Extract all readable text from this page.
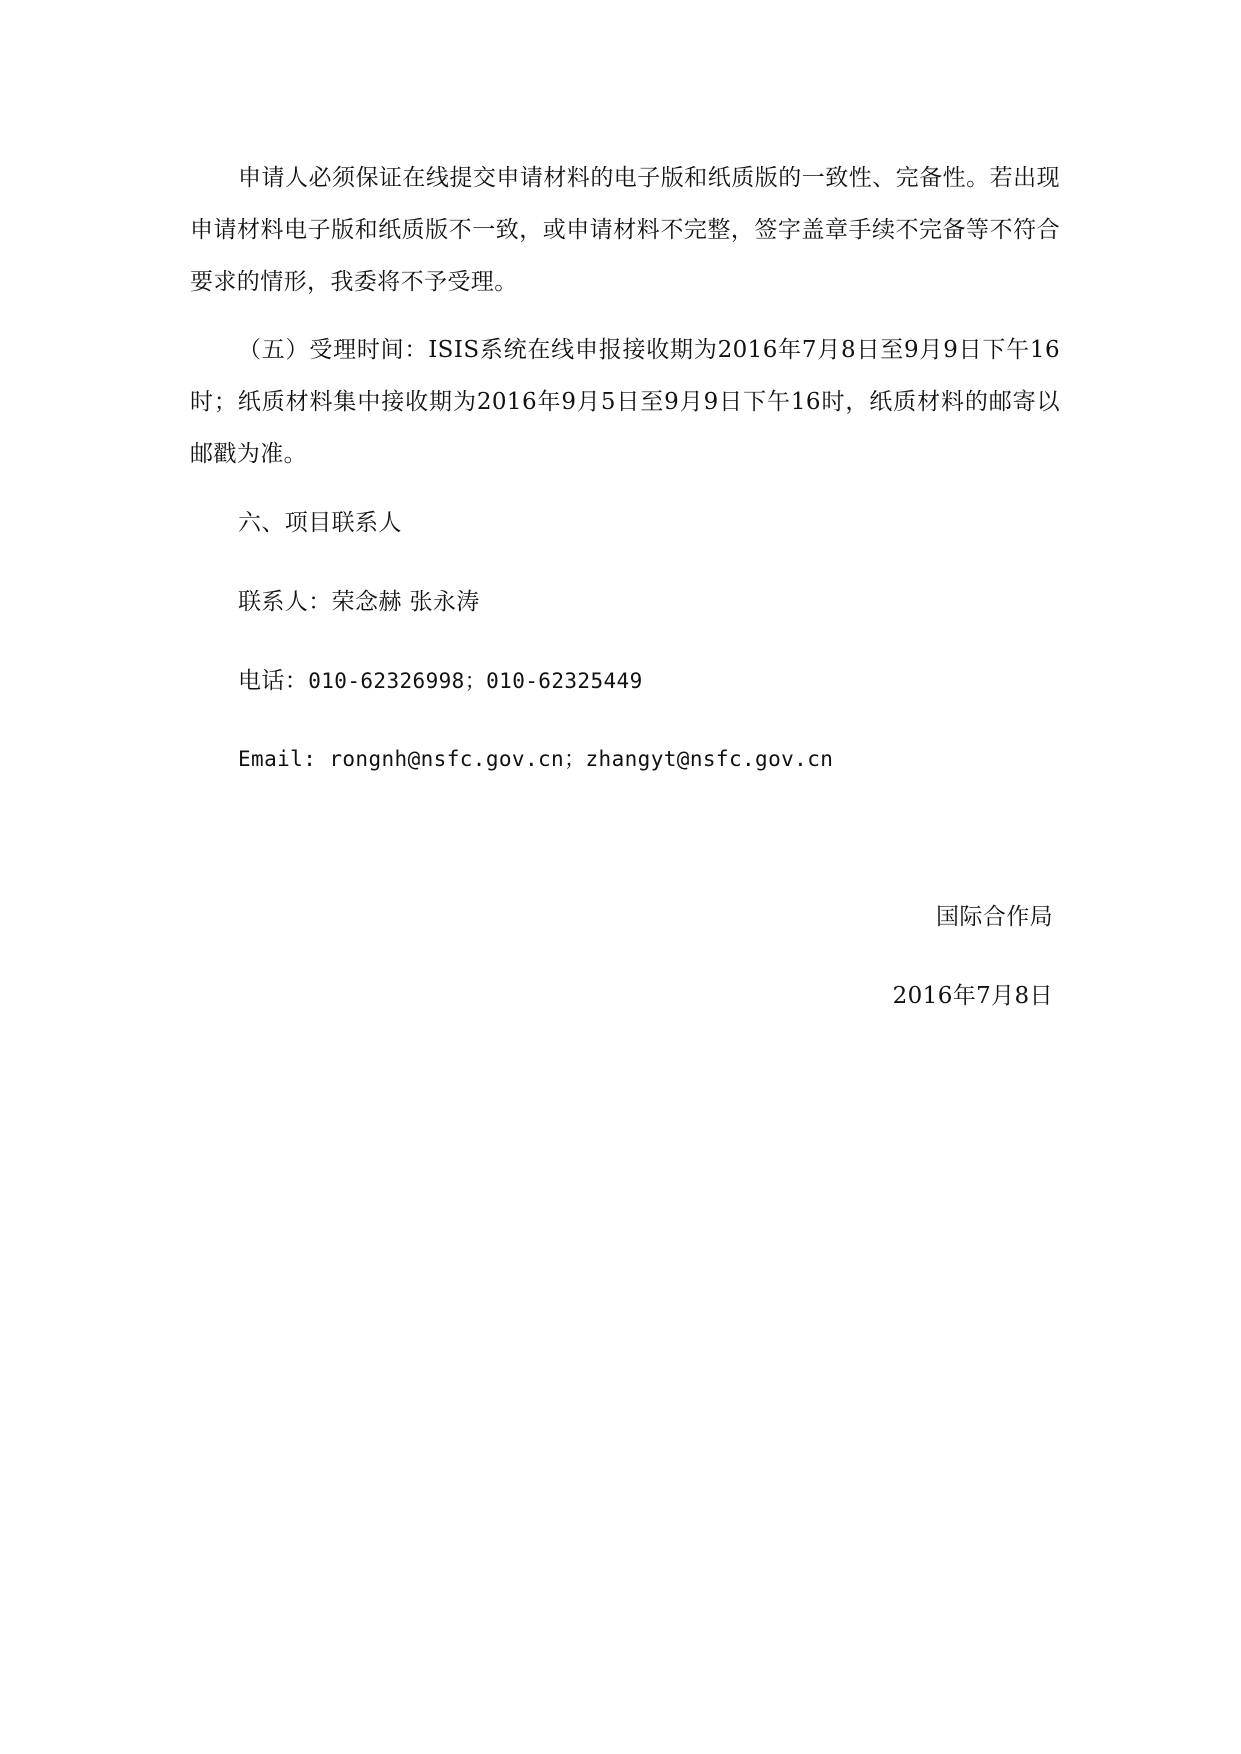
申请人必须保证在线提交申请材料的电子版和纸质版的一致性、完备性。若出现申请材料电子版和纸质版不一致，或申请材料不完整，签字盖章手续不完备等不符合要求的情形，我委将不予受理。

（五）受理时间：ISIS系统在线申报接收期为2016年7月8日至9月9日下午16时；纸质材料集中接收期为2016年9月5日至9月9日下午16时，纸质材料的邮寄以邮戳为准。

六、项目联系人

联系人：荣念赫 张永涛

电话：010-62326998；010-62325449

Email: rongnh@nsfc.gov.cn；zhangyt@nsfc.gov.cn

国际合作局

2016年7月8日
